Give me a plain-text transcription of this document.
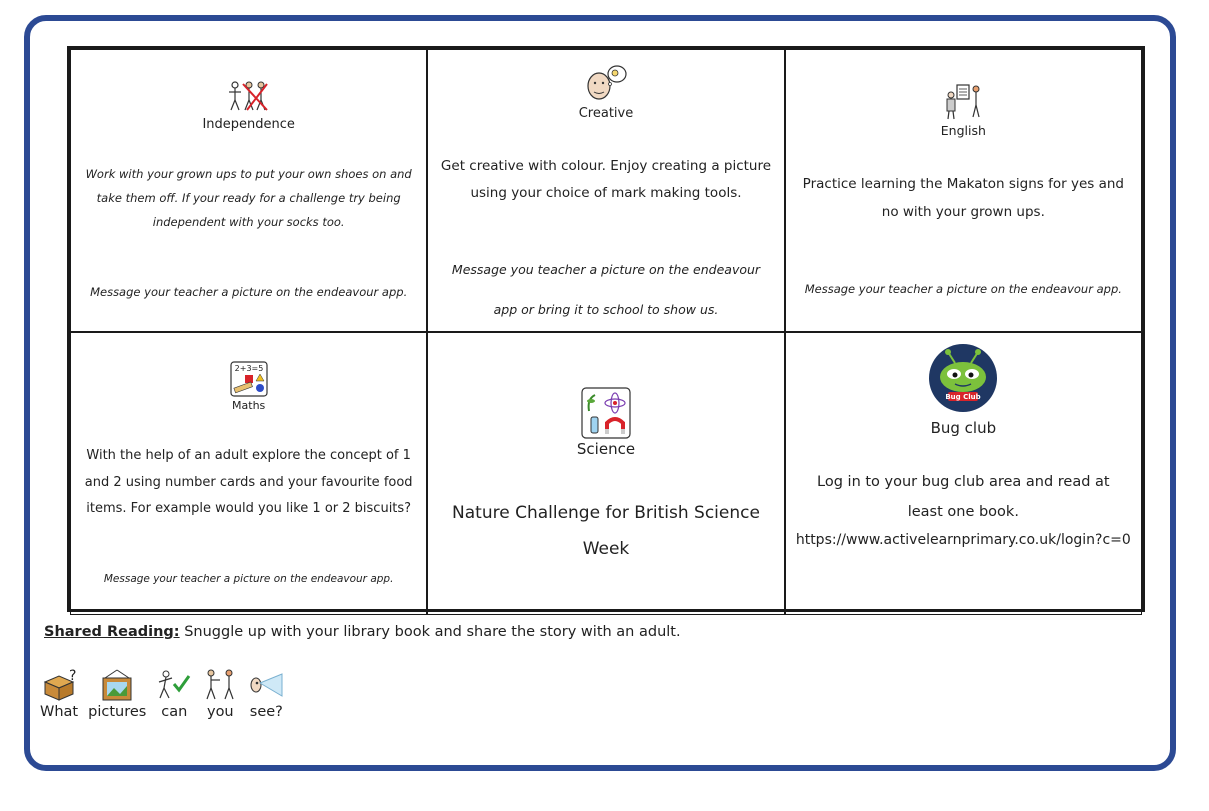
Independence
Work with your grown ups to put your own shoes on and take them off. If your ready for a challenge try being independent with your socks too.
Message your teacher a picture on the endeavour app.
Creative
Get creative with colour. Enjoy creating a picture using your choice of mark making tools.
Message you teacher a picture on the endeavour
app or bring it to school to show us.
English
Practice learning the Makaton signs for yes and no with your grown ups.
Message your teacher a picture on the endeavour app.
2+3=5
Maths
With the help of an adult explore the concept of 1 and 2 using number cards and your favourite food items. For example would you like 1 or 2 biscuits?
Message your teacher a picture on the endeavour app.
Science
Nature Challenge for British Science Week
Bug Club
Bug club
Log in to your bug club area and read at least one book.
https://www.activelearnprimary.co.uk/login?c=0
Shared Reading: Snuggle up with your library book and share the story with an adult.
?
What pictures can you see?
